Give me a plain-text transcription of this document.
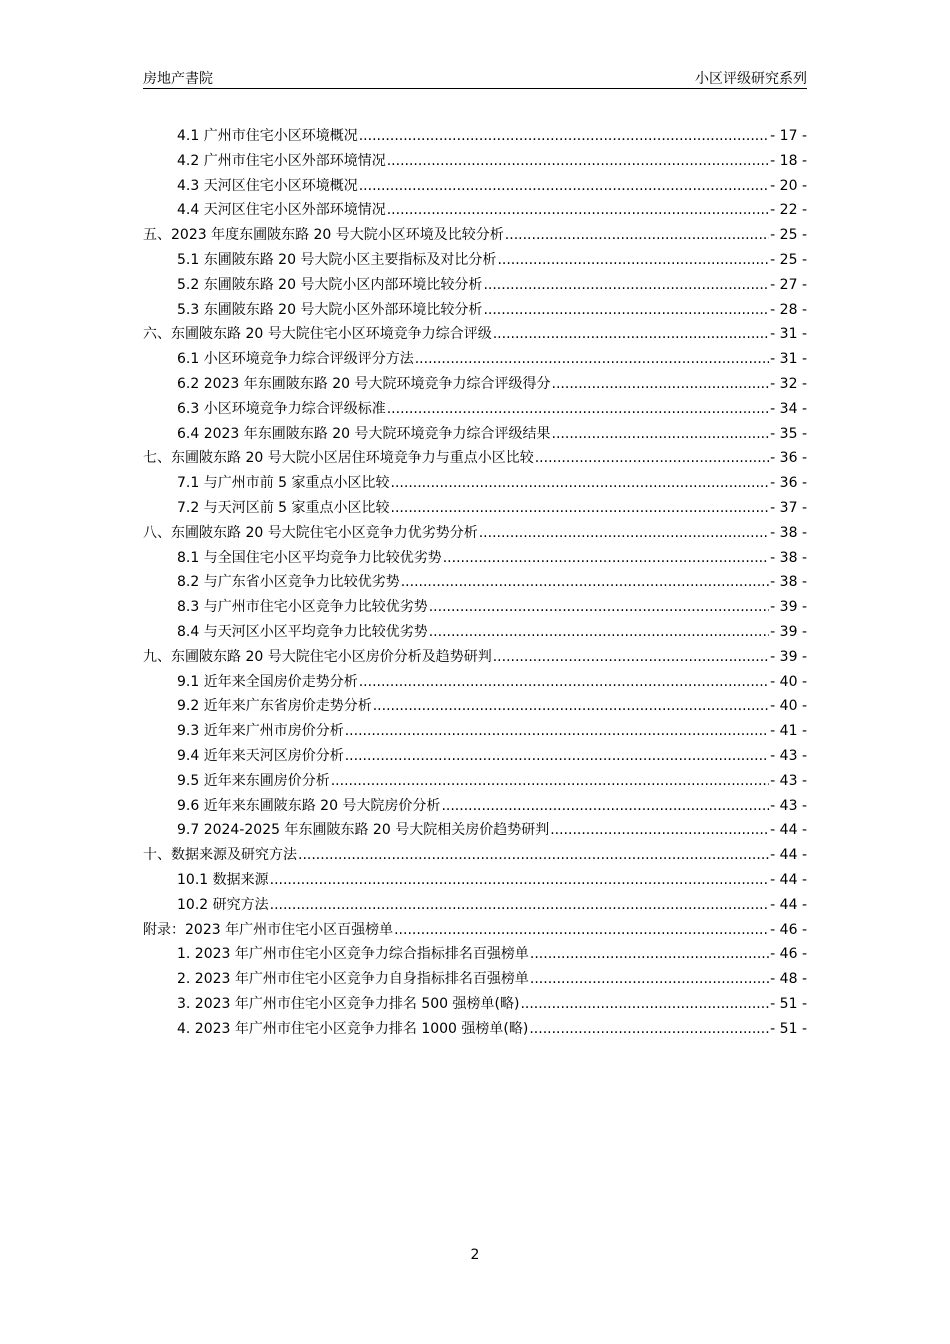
房地产書院	小区评级研究系列
4.1 广州市住宅小区环境概况 .....	- 17 -
4.2 广州市住宅小区外部环境情况 .....	- 18 -
4.3 天河区住宅小区环境概况 .....	- 20 -
4.4 天河区住宅小区外部环境情况 .....	- 22 -
五、2023 年度东圃陂东路 20 号大院小区环境及比较分析 .....	- 25 -
5.1 东圃陂东路 20 号大院小区主要指标及对比分析 .....	- 25 -
5.2 东圃陂东路 20 号大院小区内部环境比较分析 .....	- 27 -
5.3 东圃陂东路 20 号大院小区外部环境比较分析 .....	- 28 -
六、东圃陂东路 20 号大院住宅小区环境竞争力综合评级 .....	- 31 -
6.1 小区环境竞争力综合评级评分方法 .....	- 31 -
6.2 2023 年东圃陂东路 20 号大院环境竞争力综合评级得分 .....	- 32 -
6.3 小区环境竞争力综合评级标准 .....	- 34 -
6.4 2023 年东圃陂东路 20 号大院环境竞争力综合评级结果 .....	- 35 -
七、东圃陂东路 20 号大院小区居住环境竞争力与重点小区比较 .....	- 36 -
7.1 与广州市前 5 家重点小区比较 .....	- 36 -
7.2 与天河区前 5 家重点小区比较 .....	- 37 -
八、东圃陂东路 20 号大院住宅小区竞争力优劣势分析 .....	- 38 -
8.1 与全国住宅小区平均竞争力比较优劣势 .....	- 38 -
8.2 与广东省小区竞争力比较优劣势 .....	- 38 -
8.3 与广州市住宅小区竞争力比较优劣势 .....	- 39 -
8.4 与天河区小区平均竞争力比较优劣势 .....	- 39 -
九、东圃陂东路 20 号大院住宅小区房价分析及趋势研判 .....	- 39 -
9.1 近年来全国房价走势分析 .....	- 40 -
9.2 近年来广东省房价走势分析 .....	- 40 -
9.3 近年来广州市房价分析 .....	- 41 -
9.4 近年来天河区房价分析 .....	- 43 -
9.5 近年来东圃房价分析 .....	- 43 -
9.6 近年来东圃陂东路 20 号大院房价分析 .....	- 43 -
9.7 2024-2025 年东圃陂东路 20 号大院相关房价趋势研判 .....	- 44 -
十、数据来源及研究方法 .....	- 44 -
10.1 数据来源 .....	- 44 -
10.2 研究方法 .....	- 44 -
附录：2023 年广州市住宅小区百强榜单 .....	- 46 -
1. 2023 年广州市住宅小区竞争力综合指标排名百强榜单 .....	- 46 -
2. 2023 年广州市住宅小区竞争力自身指标排名百强榜单 .....	- 48 -
3. 2023 年广州市住宅小区竞争力排名 500 强榜单(略) .....	- 51 -
4. 2023 年广州市住宅小区竞争力排名 1000 强榜单(略) .....	- 51 -
2
